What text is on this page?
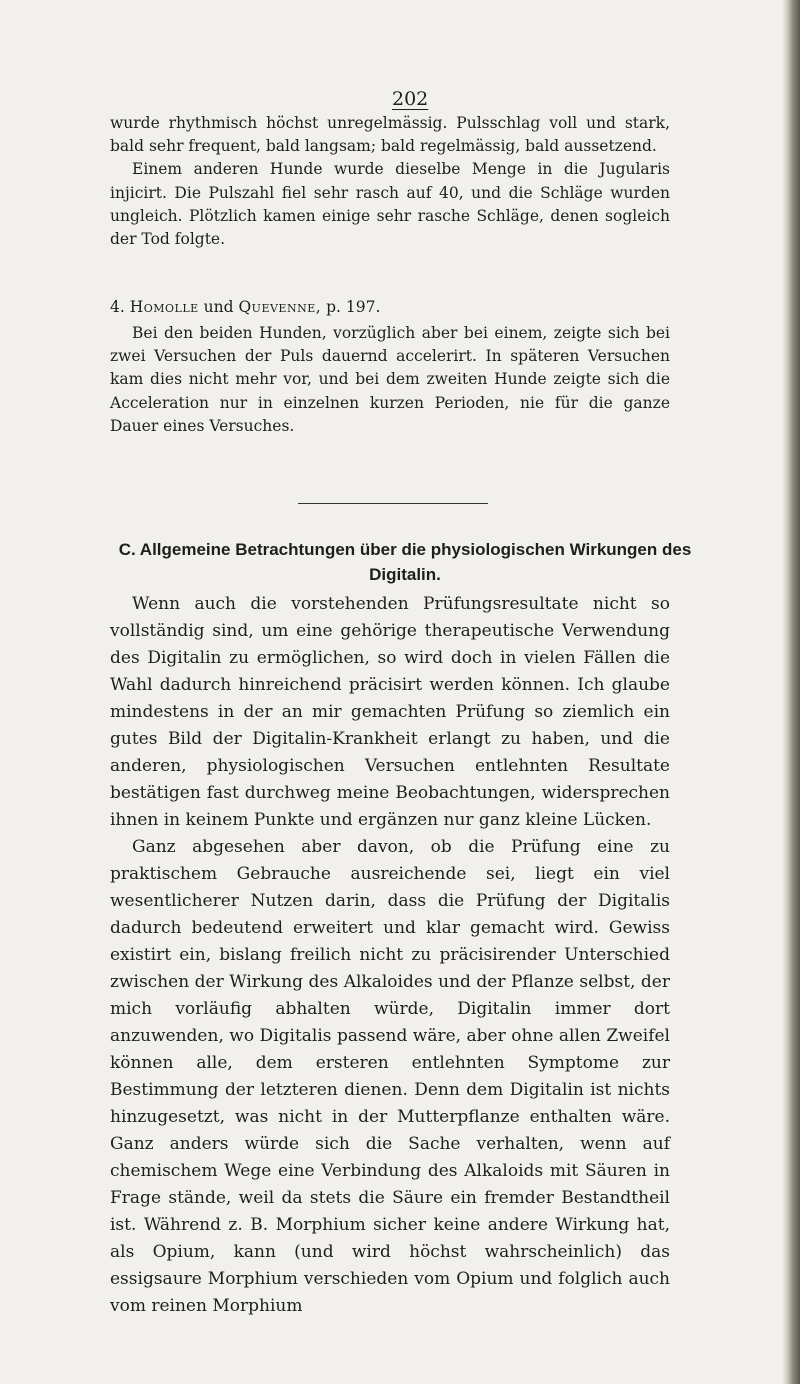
202

wurde rhythmisch höchst unregelmässig. Pulsschlag voll und stark, bald sehr frequent, bald langsam; bald regelmässig, bald aussetzend.

Einem anderen Hunde wurde dieselbe Menge in die Jugularis injicirt. Die Pulszahl fiel sehr rasch auf 40, und die Schläge wurden ungleich. Plötzlich kamen einige sehr rasche Schläge, denen sogleich der Tod folgte.

4. Homolle und Quevenne, p. 197.

Bei den beiden Hunden, vorzüglich aber bei einem, zeigte sich bei zwei Versuchen der Puls dauernd accelerirt. In späteren Versuchen kam dies nicht mehr vor, und bei dem zweiten Hunde zeigte sich die Acceleration nur in einzelnen kurzen Perioden, nie für die ganze Dauer eines Versuches.

C. Allgemeine Betrachtungen über die physiologischen Wirkungen des Digitalin.

Wenn auch die vorstehenden Prüfungsresultate nicht so vollständig sind, um eine gehörige therapeutische Verwendung des Digitalin zu ermöglichen, so wird doch in vielen Fällen die Wahl dadurch hinreichend präcisirt werden können. Ich glaube mindestens in der an mir gemachten Prüfung so ziemlich ein gutes Bild der Digitalin-Krankheit erlangt zu haben, und die anderen, physiologischen Versuchen entlehnten Resultate bestätigen fast durchweg meine Beobachtungen, widersprechen ihnen in keinem Punkte und ergänzen nur ganz kleine Lücken.

Ganz abgesehen aber davon, ob die Prüfung eine zu praktischem Gebrauche ausreichende sei, liegt ein viel wesentlicherer Nutzen darin, dass die Prüfung der Digitalis dadurch bedeutend erweitert und klar gemacht wird. Gewiss existirt ein, bislang freilich nicht zu präcisirender Unterschied zwischen der Wirkung des Alkaloides und der Pflanze selbst, der mich vorläufig abhalten würde, Digitalin immer dort anzuwenden, wo Digitalis passend wäre, aber ohne allen Zweifel können alle, dem ersteren entlehnten Symptome zur Bestimmung der letzteren dienen. Denn dem Digitalin ist nichts hinzugesetzt, was nicht in der Mutterpflanze enthalten wäre. Ganz anders würde sich die Sache verhalten, wenn auf chemischem Wege eine Verbindung des Alkaloids mit Säuren in Frage stände, weil da stets die Säure ein fremder Bestandtheil ist. Während z. B. Morphium sicher keine andere Wirkung hat, als Opium, kann (und wird höchst wahrscheinlich) das essigsaure Morphium verschieden vom Opium und folglich auch vom reinen Morphium
